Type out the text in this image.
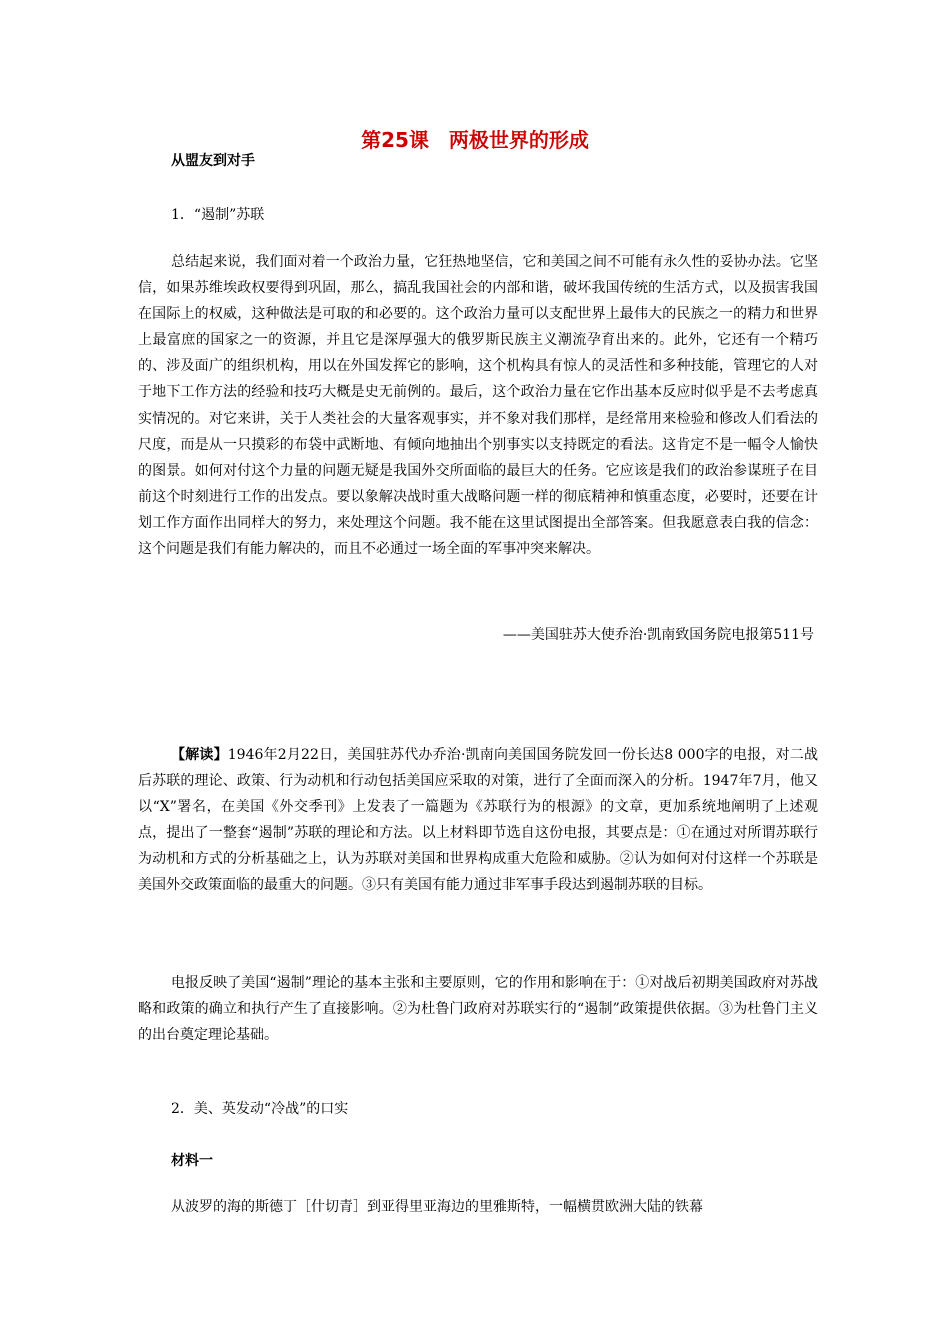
第25课　两极世界的形成
从盟友到对手
1．“遏制”苏联

总结起来说，我们面对着一个政治力量，它狂热地坚信，它和美国之间不可能有永久性的妥协办法。它坚信，如果苏维埃政权要得到巩固，那么，搞乱我国社会的内部和谐，破坏我国传统的生活方式，以及损害我国在国际上的权威，这种做法是可取的和必要的。这个政治力量可以支配世界上最伟大的民族之一的精力和世界上最富庶的国家之一的资源，并且它是深厚强大的俄罗斯民族主义潮流孕育出来的。此外，它还有一个精巧的、涉及面广的组织机构，用以在外国发挥它的影响，这个机构具有惊人的灵活性和多种技能，管理它的人对于地下工作方法的经验和技巧大概是史无前例的。最后，这个政治力量在它作出基本反应时似乎是不去考虑真实情况的。对它来讲，关于人类社会的大量客观事实，并不象对我们那样，是经常用来检验和修改人们看法的尺度，而是从一只摸彩的布袋中武断地、有倾向地抽出个别事实以支持既定的看法。这肯定不是一幅令人愉快的图景。如何对付这个力量的问题无疑是我国外交所面临的最巨大的任务。它应该是我们的政治参谋班子在目前这个时刻进行工作的出发点。要以象解决战时重大战略问题一样的彻底精神和慎重态度，必要时，还要在计划工作方面作出同样大的努力，来处理这个问题。我不能在这里试图提出全部答案。但我愿意表白我的信念：这个问题是我们有能力解决的，而且不必通过一场全面的军事冲突来解决。

——美国驻苏大使乔治·凯南致国务院电报第511号

【解读】1946年2月22日，美国驻苏代办乔治·凯南向美国国务院发回一份长达8 000字的电报，对二战后苏联的理论、政策、行为动机和行动包括美国应采取的对策，进行了全面而深入的分析。1947年7月，他又以“X”署名，在美国《外交季刊》上发表了一篇题为《苏联行为的根源》的文章，更加系统地阐明了上述观点，提出了一整套“遏制”苏联的理论和方法。以上材料即节选自这份电报，其要点是：①在通过对所谓苏联行为动机和方式的分析基础之上，认为苏联对美国和世界构成重大危险和威胁。②认为如何对付这样一个苏联是美国外交政策面临的最重大的问题。③只有美国有能力通过非军事手段达到遏制苏联的目标。

电报反映了美国“遏制”理论的基本主张和主要原则，它的作用和影响在于：①对战后初期美国政府对苏战略和政策的确立和执行产生了直接影响。②为杜鲁门政府对苏联实行的“遏制”政策提供依据。③为杜鲁门主义的出台奠定理论基础。

2．美、英发动“冷战”的口实
材料一

从波罗的海的斯德丁［什切青］到亚得里亚海边的里雅斯特，一幅横贯欧洲大陆的铁幕
